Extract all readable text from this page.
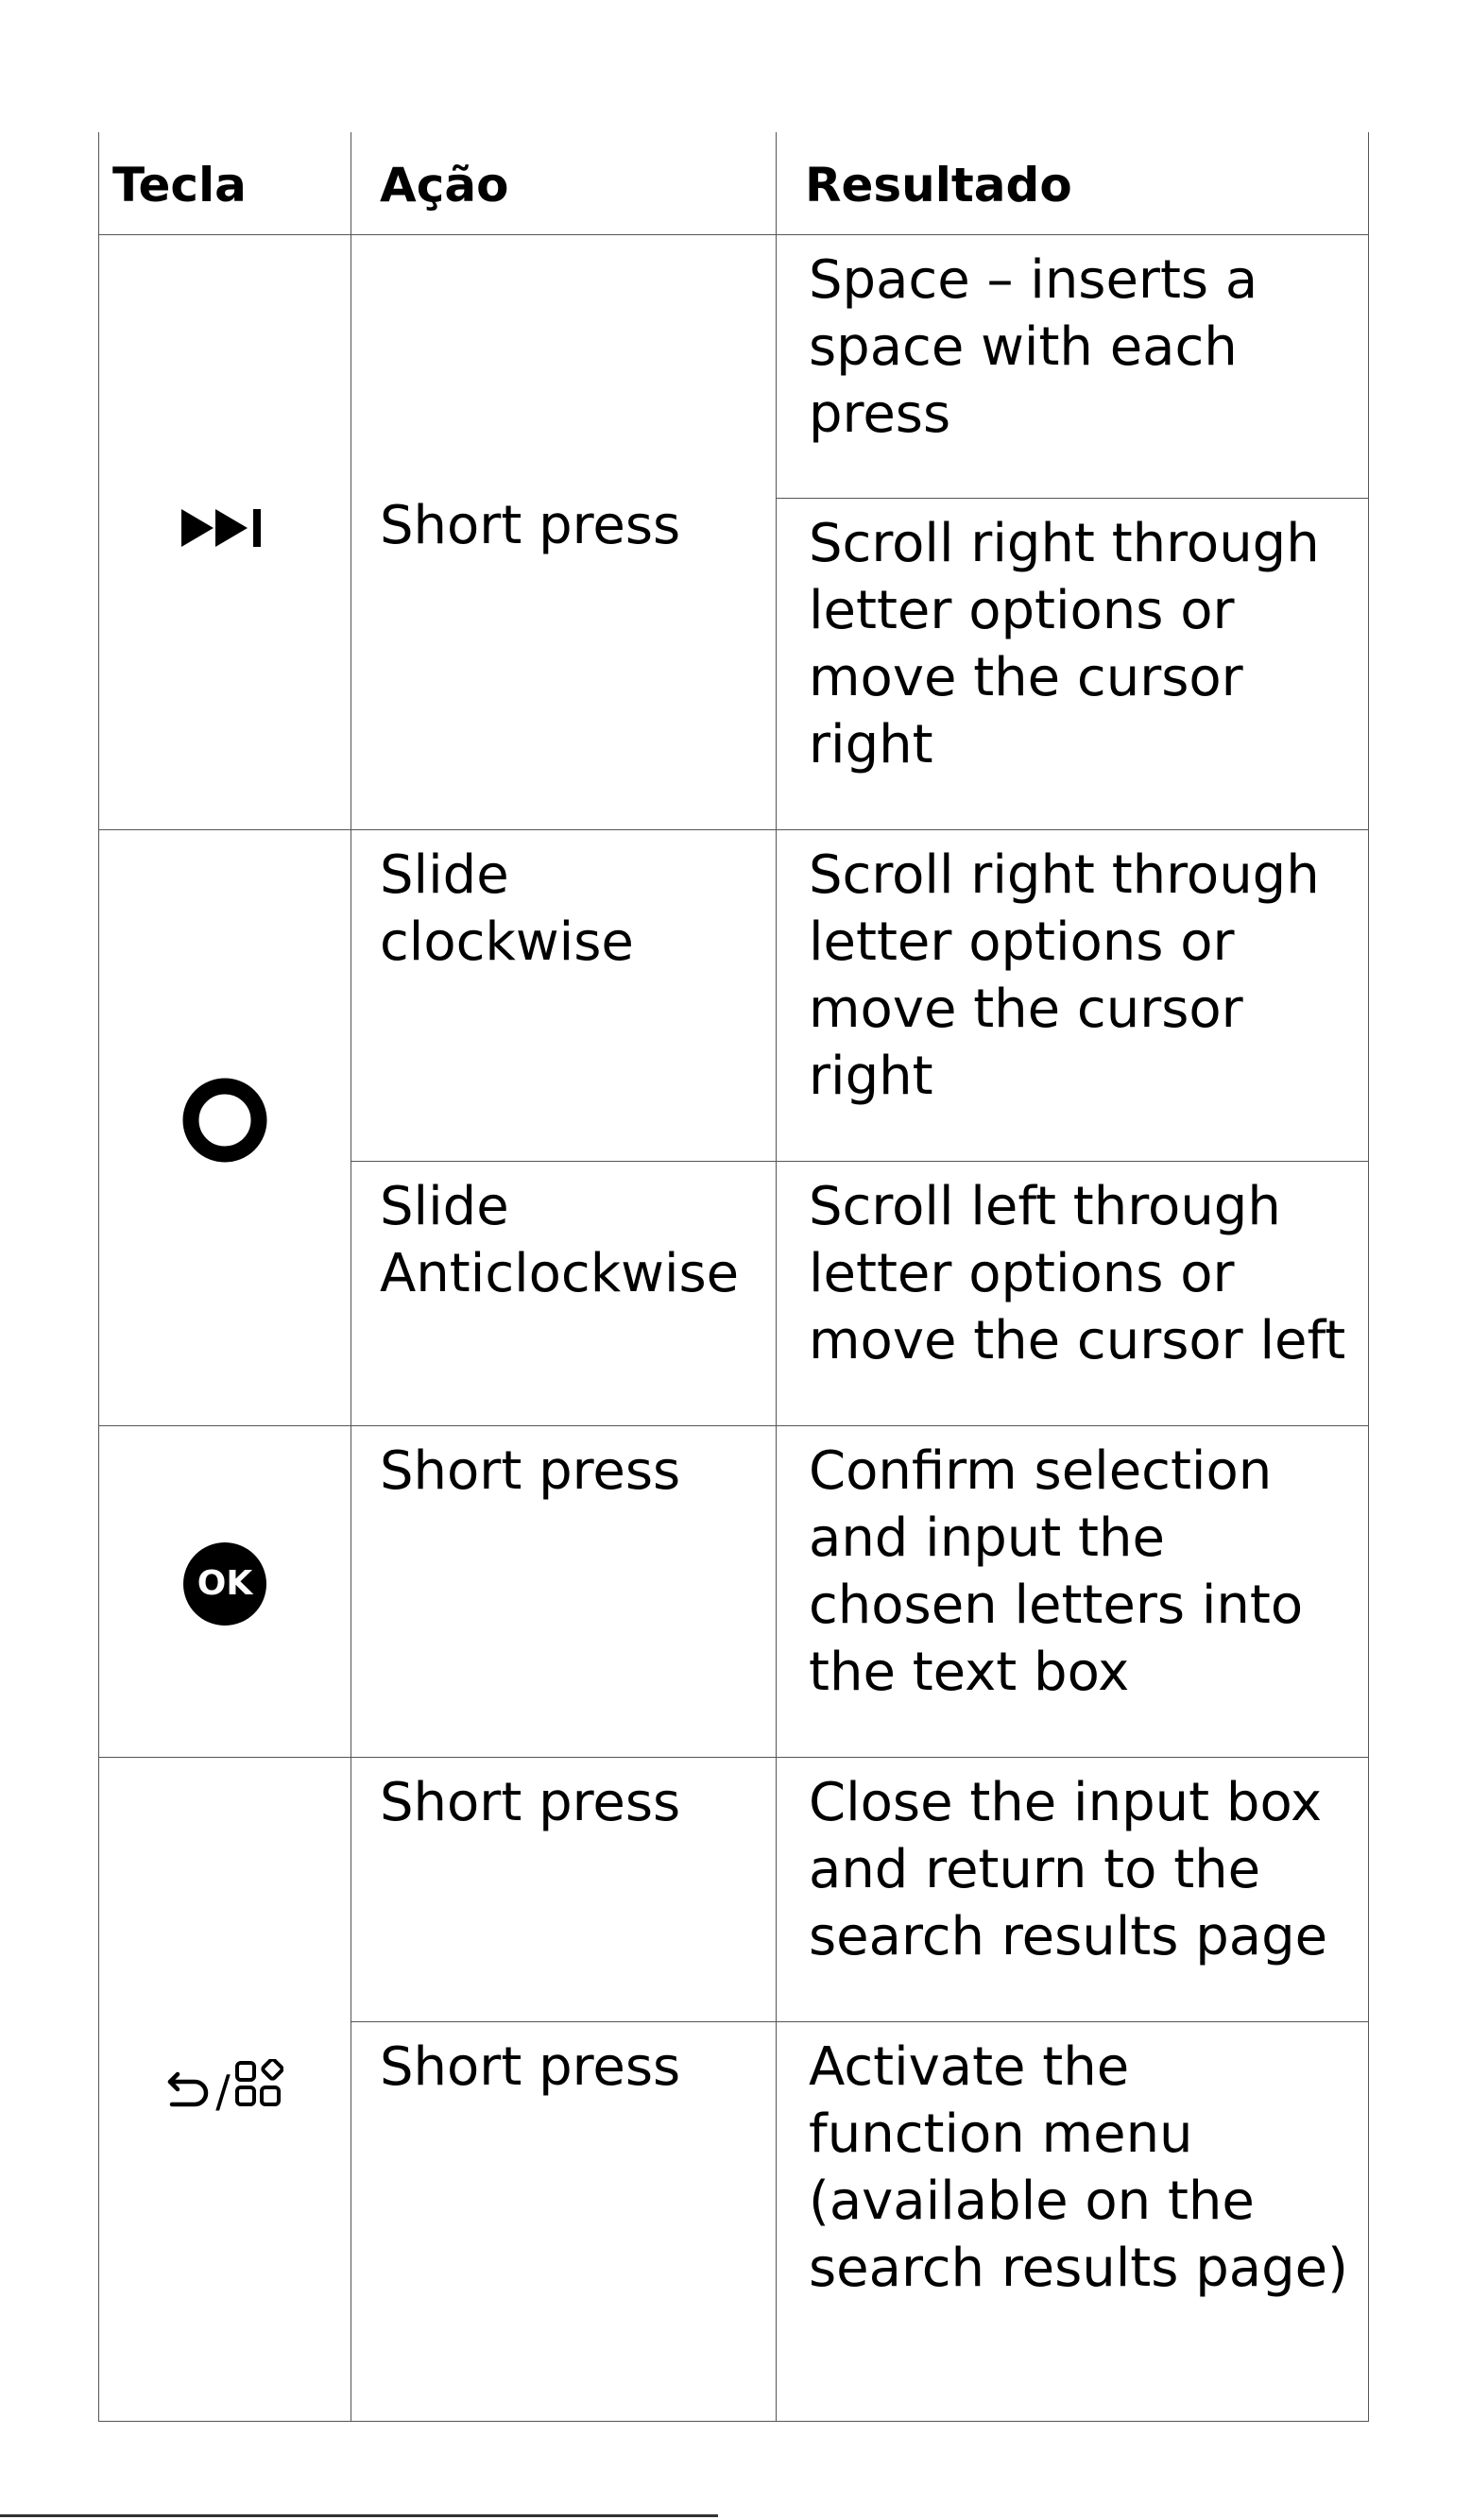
Tecla	Ação	Resultado
	Short press	Space – inserts a space with each press
		Scroll right through letter options or move the cursor right
	Slide clockwise	Scroll right through letter options or move the cursor right
	Slide Anticlockwise	Scroll left through letter options or move the cursor left

OK	Short press	Confirm selection and input the chosen letters into the text box
/	Short press	Close the input box and return to the search results page
	Short press	Activate the function menu (available on the search results page)
